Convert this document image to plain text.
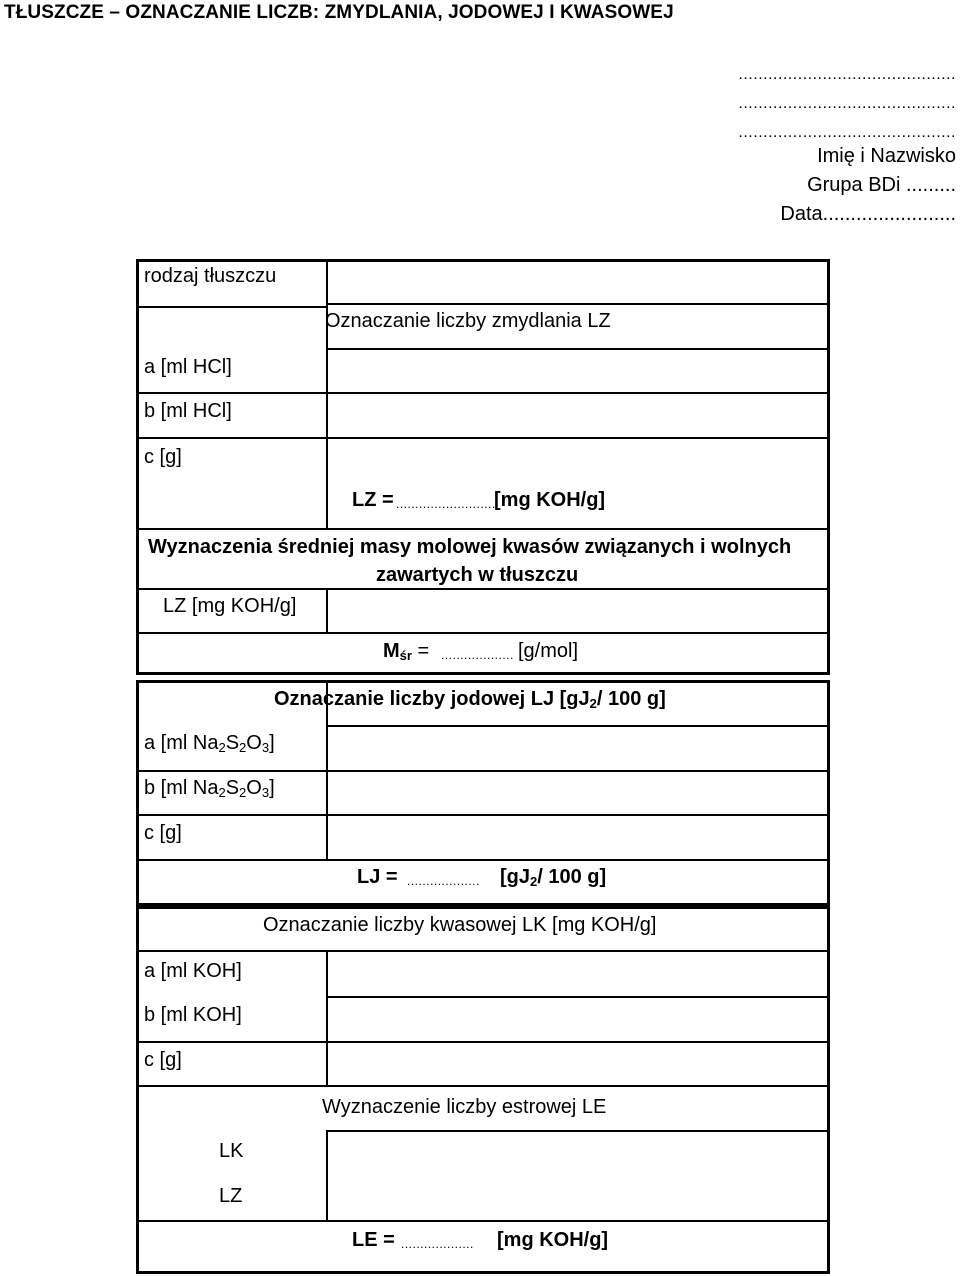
TŁUSZCZE – OZNACZANIE LICZB: ZMYDLANIA, JODOWEJ I KWASOWEJ
............................................
............................................
............................................
Imię i Nazwisko
Grupa BDi .........
Data........................
rodzaj tłuszczu
a [ml HCl]
b [ml HCl]
c [g]
Oznaczanie liczby zmydlania LZ
LZ = ..........................
[mg KOH/g]
Wyznaczenia średniej masy molowej kwasów związanych i wolnych
zawartych w tłuszczu
LZ [mg KOH/g]
$M_{śr}$ = ................... [g/mol]
Oznaczanie liczby jodowej LJ [$gJ_2/$ 100 g]
a [ml $Na_2S_2O_3$]
b [ml $Na_2S_2O_3$]
c [g]
LJ = ................... [$gJ_2/$ 100 g]
Oznaczanie liczby kwasowej LK [mg KOH/g]
a [ml KOH]
b [ml KOH]
c [g]
Wyznaczenie liczby estrowej LE
LK
LZ
LE = ................... [mg KOH/g]
